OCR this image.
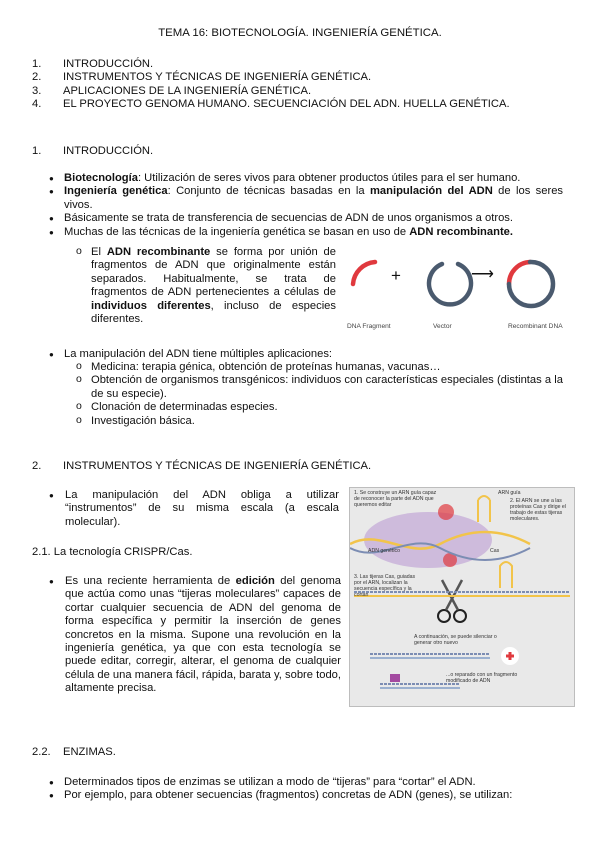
TEMA 16: BIOTECNOLOGÍA. INGENIERÍA GENÉTICA.
1.	INTRODUCCIÓN.
2.	INSTRUMENTOS Y TÉCNICAS DE INGENIERÍA GENÉTICA.
3.	APLICACIONES DE LA INGENIERÍA GENÉTICA.
4.	EL PROYECTO GENOMA HUMANO. SECUENCIACIÓN DEL ADN. HUELLA GENÉTICA.
1. INTRODUCCIÓN.
● Biotecnología: Utilización de seres vivos para obtener productos útiles para el ser humano.
● Ingeniería genética: Conjunto de técnicas basadas en la manipulación del ADN de los seres vivos.
● Básicamente se trata de transferencia de secuencias de ADN de unos organismos a otros.
● Muchas de las técnicas de la ingeniería genética se basan en uso de ADN recombinante.
o El ADN recombinante se forma por unión de fragmentos de ADN que originalmente están separados. Habitualmente, se trata de fragmentos de ADN pertenecientes a células de individuos diferentes, incluso de especies diferentes.
+	⟶
DNA Fragment	Vector	Recombinant DNA
● La manipulación del ADN tiene múltiples aplicaciones:
o Medicina: terapia génica, obtención de proteínas humanas, vacunas…
o Obtención de organismos transgénicos: individuos con características especiales (distintas a la de su especie).
o Clonación de determinadas especies.
o Investigación básica.
2. INSTRUMENTOS Y TÉCNICAS DE INGENIERÍA GENÉTICA.
● La manipulación del ADN obliga a utilizar “instrumentos” de su misma escala (a escala molecular).
2.1. La tecnología CRISPR/Cas.
● Es una reciente herramienta de edición del genoma que actúa como unas “tijeras moleculares” capaces de cortar cualquier secuencia de ADN del genoma de forma específica y permitir la inserción de genes concretos en la misma. Supone una revolución en la ingeniería genética, ya que con esta tecnología se puede editar, corregir, alterar, el genoma de cualquier célula de una manera fácil, rápida, barata y, sobre todo, altamente precisa.
1. Se construye un ARN guía capaz de reconocer la parte del ADN que queremos editar
ARN guía
2. El ARN se une a las proteínas Cas y dirige el trabajo de estas tijeras moleculares.
ADN genético	Cas
3. Las tijeras Cas, guiadas por el ARN, localizan la secuencia específica y la cortan
A continuación, se puede silenciar o generar otro nuevo
...o reparado con un fragmento modificado de ADN
2.2. ENZIMAS.
● Determinados tipos de enzimas se utilizan a modo de “tijeras” para “cortar” el ADN.
● Por ejemplo, para obtener secuencias (fragmentos) concretas de ADN (genes), se utilizan:
